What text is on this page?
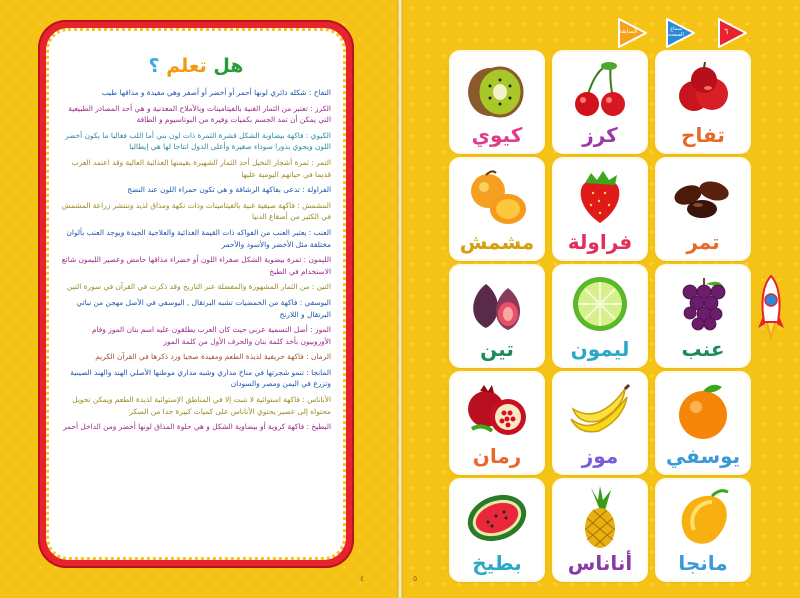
هل تعلم ؟
التفاح : شكله دائري لونها أحمر أو أخضر أو أصفر وهي مفيدة و مذاقها طيب
الكرز : تعتبر من الثمار الغنية بالفيتامينات وبالأملاح المعدنية و هي أحد المصادر الطبيعية التي يمكن أن تمد الجسم بكميات وفيرة من البوتاسيوم و الطاقة
الكيوي : فاكهة بيضاوية الشكل قشرة الثمرة ذات لون بني أما اللب فغالبا ما يكون أخضر اللون ويحوي بذورا سوداء صغيرة وأعلى الدول انتاجا لها هي إيطاليا
التمر : ثمرة أشجار النخيل أحد الثمار الشهيرة بقيمتها الغذائية العالية وقد اعتمد العرب قديما في حياتهم اليومية عليها
الفراولة : تدعى بفاكهة الرشاقة و هي تكون حمراء اللون عند النضج
المشمش : فاكهة صيفية غنية بالفيتامينات وذات نكهة ومذاق لذيذ وتنتشر زراعة المشمش في الكثير من أصقاع الدنيا
العنب : يعتبر العنب من الفواكه ذات القيمة الغذائية والعلاجية الجيدة ويوجد العنب بألوان مختلفة مثل الأخضر والأسود والأحمر
الليمون : ثمرة بيضوية الشكل صفراء اللون أو خضراء مذاقها حامض وعصير الليمون شائع الاستخدام في الطبخ
التين : من الثمار المشهورة والمفضلة عبر التاريخ وقد ذكرت في القرآن في سورة التين
اليوسفي : فاكهة من الحمضيات تشبه البرتقال , اليوسفي في الأصل مهجن من نباتي البرتقال و اللارنج
الموز : أصل التسمية عربي حيث كان العرب يطلقون عليه اسم بنان الموز وقام الأوروبيون بأخذ كلمة بنان والحرف الأول من كلمة الموز
الرمان : فاكهة خريفية لذيذة الطعم ومفيدة صحيا ورد ذكرها في القرآن الكريم
المانجا : تنمو شجرتها في مناخ مداري وشبه مداري موطنها الأصلي الهند والهند الصينية وتزرع في اليمن ومصر والسودان
الأناناس : فاكهة استوائية لا تنبت إلا في المناطق الإستوائية لذيذة الطعم ويمكن تحويل محتواه إلى عصير يحتوي الأناناس على كميات كبيرة جدا من السكر
البطيخ : فاكهة كروية أو بيضاوية الشكل و هي حلوة المذاق لونها أخضر ومن الداخل أحمر
٤
السابقة	سماع الصفحة	٦
تفاح
كرز
كيوي
تمر
فراولة
مشمش
عنب
ليمون
تين
يوسفي
موز
رمان
مانجا
أناناس
بطيخ
٥
